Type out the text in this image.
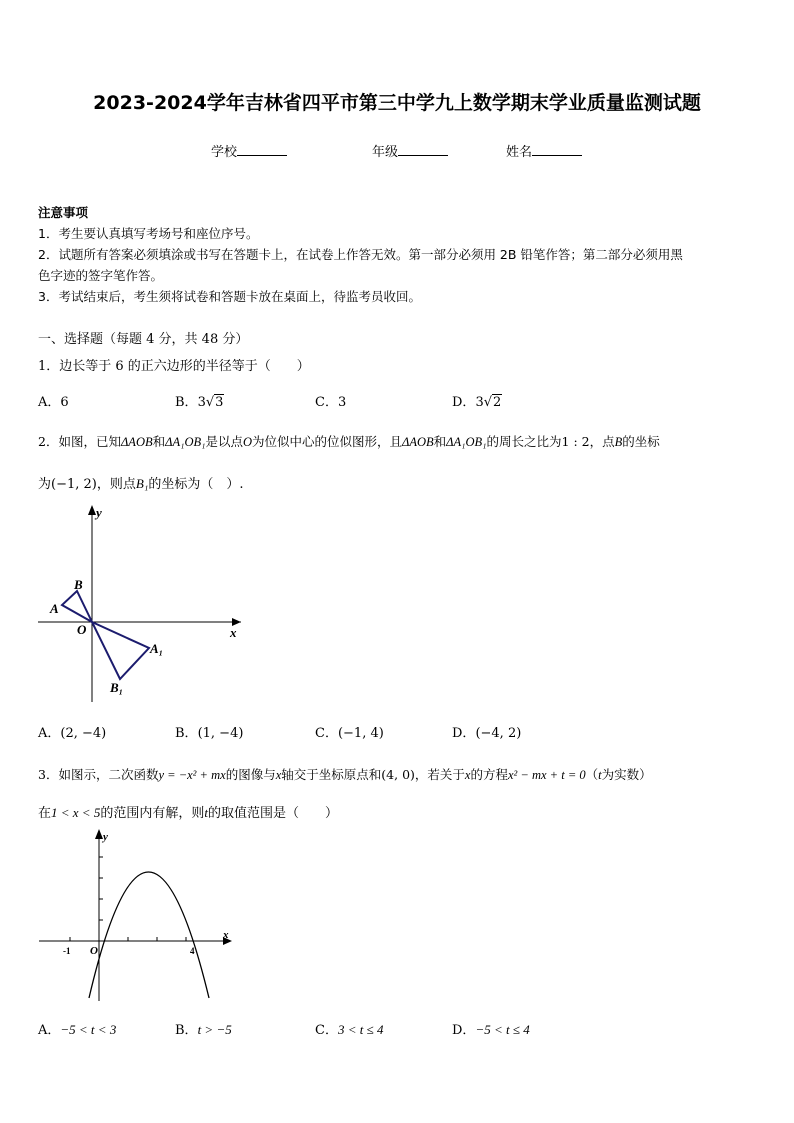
2023-2024学年吉林省四平市第三中学九上数学期末学业质量监测试题
学校	年级	姓名
注意事项
1．考生要认真填写考场号和座位序号。
2．试题所有答案必须填涂或书写在答题卡上，在试卷上作答无效。第一部分必须用 2B 铅笔作答；第二部分必须用黑
色字迹的签字笔作答。
3．考试结束后，考生须将试卷和答题卡放在桌面上，待监考员收回。
一、选择题（每题 4 分，共 48 分）
1．边长等于 6 的正六边形的半径等于（　　）
A．6	B．3√3	C．3	D．3√2
2．如图，已知ΔAOB和ΔA₁OB₁是以点O为位似中心的位似图形，且ΔAOB和ΔA₁OB₁的周长之比为1 : 2，点B的坐标
为(−1, 2)，则点B₁的坐标为（　）.
y
x
B
A
O
A₁
B₁
A．(2, −4)	B．(1, −4)	C．(−1, 4)	D．(−4, 2)
3．如图示，二次函数y = −x² + mx的图像与x轴交于坐标原点和(4, 0)，若关于x的方程x² − mx + t = 0（t为实数）
在1 < x < 5的范围内有解，则t的取值范围是（　　）
y
x
O
-1	4
A．−5 < t < 3	B．t > −5	C．3 < t ≤ 4	D．−5 < t ≤ 4
